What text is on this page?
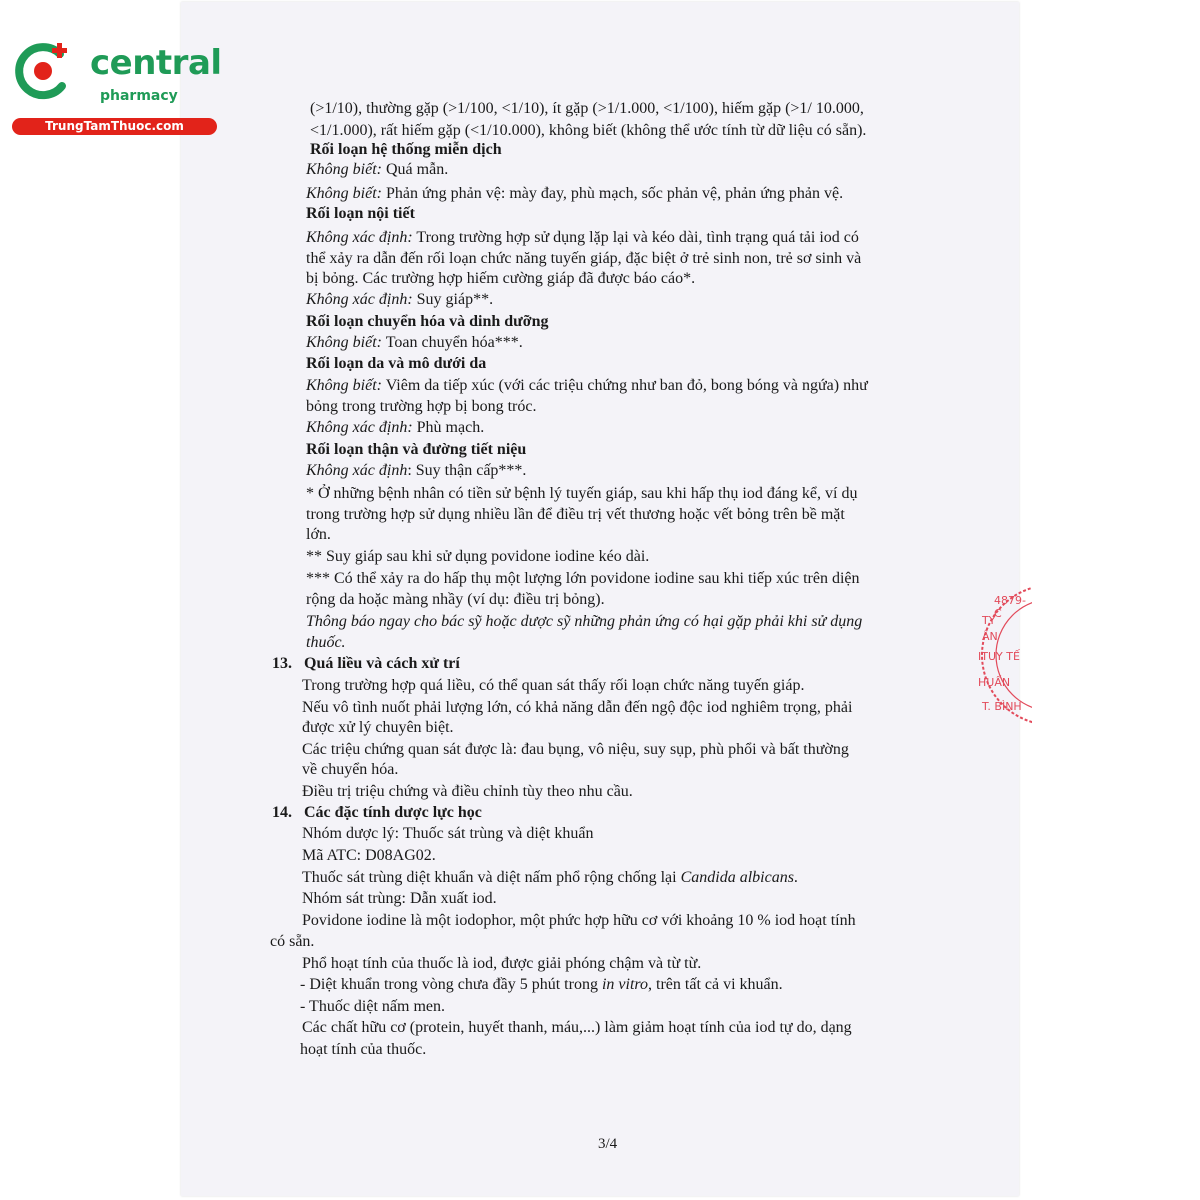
central
pharmacy
TrungTamThuoc.com
(>1/10), thường gặp (>1/100, <1/10), ít gặp (>1/1.000, <1/100), hiếm gặp (>1/ 10.000,
<1/1.000), rất hiếm gặp (<1/10.000), không biết (không thể ước tính từ dữ liệu có sẵn).
Rối loạn hệ thống miễn dịch
Không biết: Quá mẫn.
Không biết: Phản ứng phản vệ: mày đay, phù mạch, sốc phản vệ, phản ứng phản vệ.
Rối loạn nội tiết
Không xác định: Trong trường hợp sử dụng lặp lại và kéo dài, tình trạng quá tải iod có
thể xảy ra dẫn đến rối loạn chức năng tuyến giáp, đặc biệt ở trẻ sinh non, trẻ sơ sinh và
bị bỏng. Các trường hợp hiếm cường giáp đã được báo cáo*.
Không xác định: Suy giáp**.
Rối loạn chuyển hóa và dinh dưỡng
Không biết: Toan chuyển hóa***.
Rối loạn da và mô dưới da
Không biết: Viêm da tiếp xúc (với các triệu chứng như ban đỏ, bong bóng và ngứa) như
bỏng trong trường hợp bị bong tróc.
Không xác định: Phù mạch.
Rối loạn thận và đường tiết niệu
Không xác định: Suy thận cấp***.
* Ở những bệnh nhân có tiền sử bệnh lý tuyến giáp, sau khi hấp thụ iod đáng kể, ví dụ
trong trường hợp sử dụng nhiều lần để điều trị vết thương hoặc vết bỏng trên bề mặt
lớn.
** Suy giáp sau khi sử dụng povidone iodine kéo dài.
*** Có thể xảy ra do hấp thụ một lượng lớn povidone iodine sau khi tiếp xúc trên diện
rộng da hoặc màng nhầy (ví dụ: điều trị bỏng).
Thông báo ngay cho bác sỹ hoặc dược sỹ những phản ứng có hại gặp phải khi sử dụng
thuốc.
13. Quá liều và cách xử trí
Trong trường hợp quá liều, có thể quan sát thấy rối loạn chức năng tuyến giáp.
Nếu vô tình nuốt phải lượng lớn, có khả năng dẫn đến ngộ độc iod nghiêm trọng, phải
được xử lý chuyên biệt.
Các triệu chứng quan sát được là: đau bụng, vô niệu, suy sụp, phù phổi và bất thường
về chuyển hóa.
Điều trị triệu chứng và điều chỉnh tùy theo nhu cầu.
14. Các đặc tính dược lực học
Nhóm dược lý: Thuốc sát trùng và diệt khuẩn
Mã ATC: D08AG02.
Thuốc sát trùng diệt khuẩn và diệt nấm phổ rộng chống lại Candida albicans.
Nhóm sát trùng: Dẫn xuất iod.
Povidone iodine là một iodophor, một phức hợp hữu cơ với khoảng 10 % iod hoạt tính
có sẵn.
Phổ hoạt tính của thuốc là iod, được giải phóng chậm và từ từ.
- Diệt khuẩn trong vòng chưa đầy 5 phút trong in vitro, trên tất cả vi khuẩn.
- Thuốc diệt nấm men.
Các chất hữu cơ (protein, huyết thanh, máu,...) làm giảm hoạt tính của iod tự do, dạng
hoạt tính của thuốc.
3/4
4879-C
TY
ẦN
ITUY TẾ
HUẤN
T. BÌNH
